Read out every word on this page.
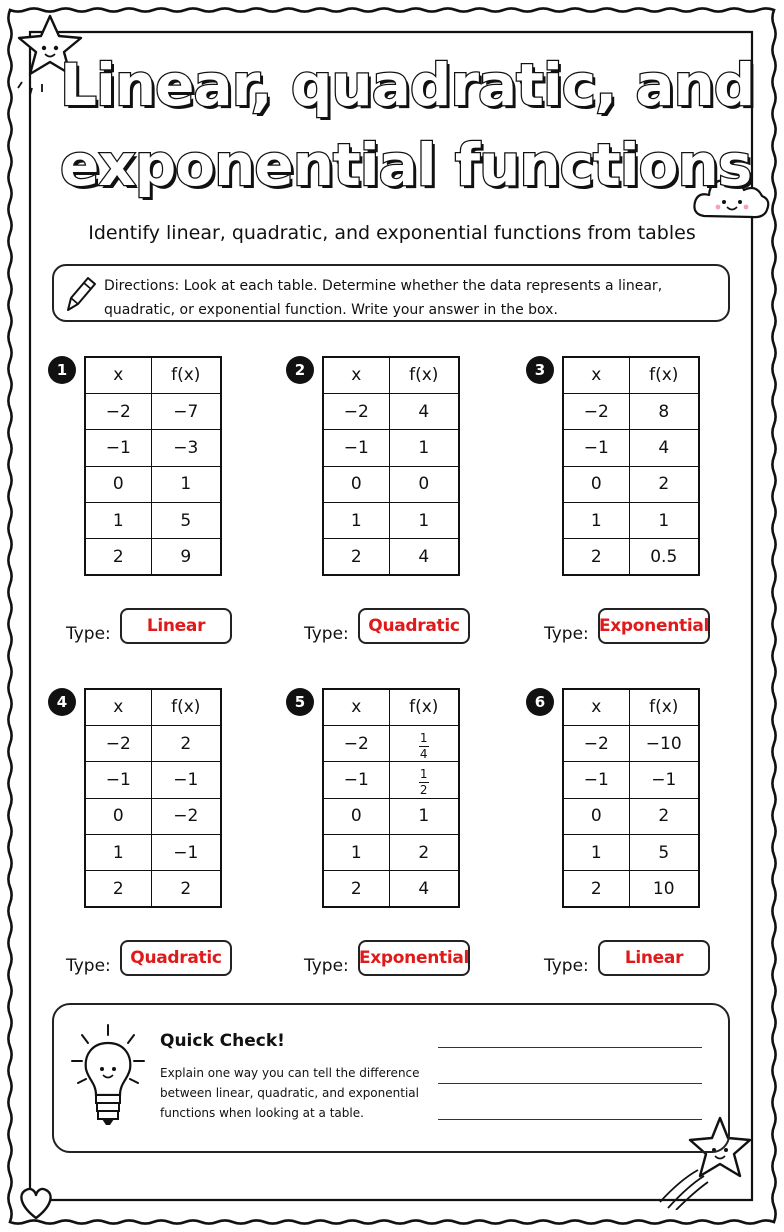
Linear, quadratic, and
exponential functions
Identify linear, quadratic, and exponential functions from tables
Directions: Look at each table. Determine whether the data represents a linear, quadratic, or exponential function. Write your answer in the box.
1	x	f(x)
−2	−7
−1	−3
0	1
1	5
2	9
Type:	Linear
2	x	f(x)
−2	4
−1	1
0	0
1	1
2	4
Type:	Quadratic
3	x	f(x)
−2	8
−1	4
0	2
1	1
2	0.5
Type: Exponential
4	x	f(x)
−2	2
−1	−1
0	−2
1	−1
2	2
Type:	Quadratic
5	x	f(x)
−2	$\frac{1}{4}$

−1	$\frac{1}{2}$

0	1
1	2
2	4
Type: Exponential
6	x	f(x)
−2	−10
−1	−1
0	2
1	5
2	10
Type:	Linear
Quick Check!
Explain one way you can tell the difference between linear, quadratic, and exponential functions when looking at a table.
